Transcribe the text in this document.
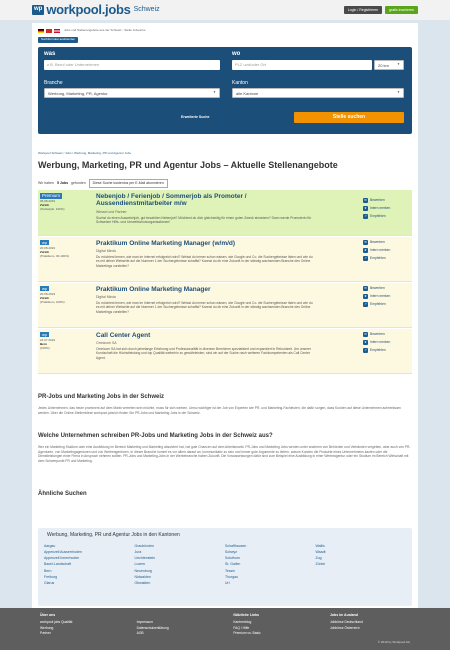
wp workpool.jobs Schweiz	Login / Registrieren	gratis inserieren
Jobs und Stellenangebote aus der Schweiz - Stelle Jobsuche
Suchformular ausblenden
was
z.B. Beruf oder Unternehmen
wo
PLZ und/oder Ort	20 km	▼
Branche
Werbung, Marketing, PR, Agentur	▼
Kanton
alle Kantone	▼
Erweiterte Suche	Stelle suchen
Workpool Schweiz / Jobs / Werbung, Marketing, PR und Agentur Jobs
Werbung, Marketing, PR und Agentur Jobs – Aktuelle Stellenangebote
Wir haben 5 Jobs gefunden	Diese Suche kostenlos per E-Mail abonnieren
Premium
06.08.2019
Zürich
(Teilzeitjob, 100%)
Nebenjob / Ferienjob / Sommerjob als Promoter / Aussendienstmitarbeiter m/w
Wessel und Partner
Suchst du einen Ausweichjob, gut bezahlten Nebenjob? Möchtest du dich gleichzeitig für einen guten Zweck einsetzen? Dann werde Promoterin für Schweizer Hilfs- und Umweltschutzorganisationen!
✉ Bewerben
★ Intern merken
↗ Empfehlen
wp
20.08.2019
Zürich
(Praktikum, 30-100%)
Praktikum Online Marketing Manager (w/m/d)
Digital Minds
Du möchtest lernen, wie man im Internet erfolgreich wird? Weisst du immer schon wissen, wie Google und Co. die Suchergebnisse listen und wie du es mit deiner Webseite auf die Nummer 1 der Suchergebnisse schaffst? Kannst du dir eine Zukunft in der ständig wachsenden Branche des Online Marketings vorstellen?
✉ Bewerben
★ Intern merken
↗ Empfehlen
wp
20.08.2019
Zürich
(Praktikum, 100%)
Praktikum Online Marketing Manager
Digital Minds
Du möchtest lernen, wie man im Internet erfolgreich wird? Weisst du immer schon wissen, wie Google und Co. die Suchergebnisse listen und wie du es mit deiner Webseite auf die Nummer 1 der Suchergebnisse schaffst? Kannst du dir eine Zukunft in der ständig wachsenden Branche des Online Marketings vorstellen?
✉ Bewerben
★ Intern merken
↗ Empfehlen
wp
24.07.2019
Bern
(100%)
Call Center Agent
Omnicom SA
Omnicom SA hat sich durch jahrelange Erfahrung und Professionalität in diversen Bereichen spezialisiert und expandiert in Rekordzeit. Um unserer Kundschaft die Höchstleistung und top Qualität weiterhin zu gewährleisten, sind wir auf der Suche nach weiteren Fachkompetenten als Call Center Agent.
✉ Bewerben
★ Intern merken
↗ Empfehlen
PR-Jobs und Marketing Jobs in der Schweiz
Jedes Unternehmen, das heute prominent auf dem Markt vertreten sein möchte, muss für sich werben. Umso wichtiger ist der Job von Experten wie PR- und Marketing-Fachleuten, die dafür sorgen, dass Kunden auf diese Unternehmen aufmerksam werden. Über die Online-Stellenbörse workpool.jobs/ch finden Sie PR-Jobs und Marketing Jobs in der Schweiz.
Welche Unternehmen schreiben PR-Jobs und Marketing Jobs in der Schweiz aus?
Wer ein Marketing Studium oder eine Ausbildung im Bereich Marketing und Marketing absolviert hat, hat gute Chancen auf dem Arbeitsmarkt. PR-Jobs und Marketing Jobs werden unter anderem von Behörden und Verbänden vergeben, aber auch von PR-Agenturen, von Marketingagenturen und von Werbeagenturen. In dieser Branche kommt es vor allem darauf an, kommunikativ zu sein und immer gute Argumente zu liefern, warum Kunden die Produkte eines Unternehmens kaufen oder die Dienstleistungen einer Firma in Anspruch nehmen sollten. PR-Jobs und Marketing-Jobs in der Werbebranche haben Zukunft. Die Voraussetzungen dafür sind zum Beispiel eine Ausbildung in einer Werbeagentur oder ein Studium im Bereich Wirtschaft mit dem Schwerpunkt PR und Marketing.
Ähnliche Suchen
Werbung, Marketing, PR und Agentur Jobs in den Kantonen
Aargau
Appenzell Ausserrhoden
Appenzell Innerrhoden
Basel-Landschaft
Bern
Freiburg
Glarus
Graubünden
Jura
Liechtenstein
Luzern
Neuenburg
Nidwalden
Obwalden
Schaffhausen
Schwyz
Solothurn
St. Gallen
Tessin
Thurgau
Uri
Wallis
Waadt
Zug
Zürich
Über uns
workpool.jobs Qualität
Werbung
Partner

Impressum
Datenschutzerklärung
AGB
Nützliche Links
Karriereblog
FAQ / Hilfe
Premium vs. Basic
Jobs im Ausland
Jobbörse Deutschland
Jobbörse Österreich
© 2019 by Workpool AG
